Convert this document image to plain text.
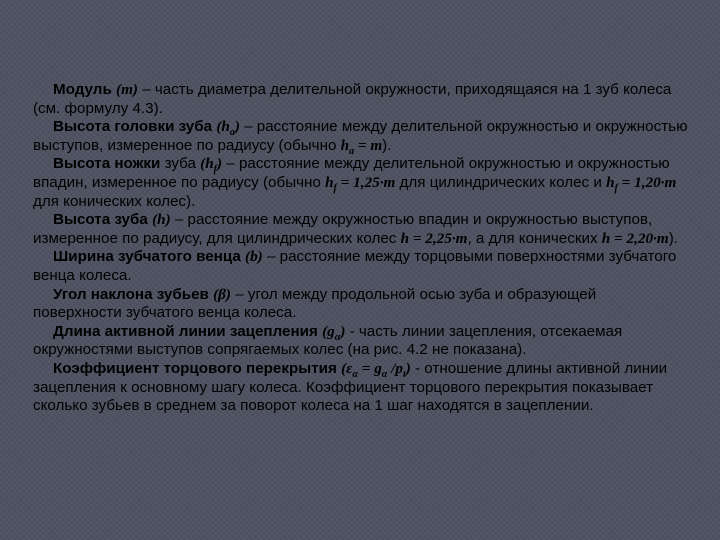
Модуль (m) – часть диаметра делительной окружности, приходящаяся на 1 зуб колеса (см. формулу 4.3).

Высота головки зуба $(h_a)$ – расстояние между делительной окружностью и окружностью выступов, измеренное по радиусу (обычно $h_a = m$).

Высота ножки зуба $(h_f)$ – расстояние между делительной окружностью и окружностью впадин, измеренное по радиусу (обычно $h_f = 1,25\cdot m$ для цилиндрических колес и $h_f = 1,20\cdot m$ для конических колес).

Высота зуба (h) – расстояние между окружностью впадин и окружностью выступов, измеренное по радиусу, для цилиндрических колес h = 2,25·m, а для конических h = 2,20·m).

Ширина зубчатого венца (b) – расстояние между торцовыми поверхностями зубчатого венца колеса.

Угол наклона зубьев (β) – угол между продольной осью зуба и образующей поверхности зубчатого венца колеса.

Длина активной линии зацепления $(g_\alpha)$ - часть линии зацепления, отсекаемая окружностями выступов сопрягаемых колес (на рис. 4.2 не показана).

Коэффициент торцового перекрытия ($\varepsilon_\alpha = g_\alpha$ $/p_t$) - отношение длины активной линии зацепления к основному шагу колеса. Коэффициент торцового перекрытия показывает сколько зубьев в среднем за поворот колеса на 1 шаг находятся в зацеплении.
